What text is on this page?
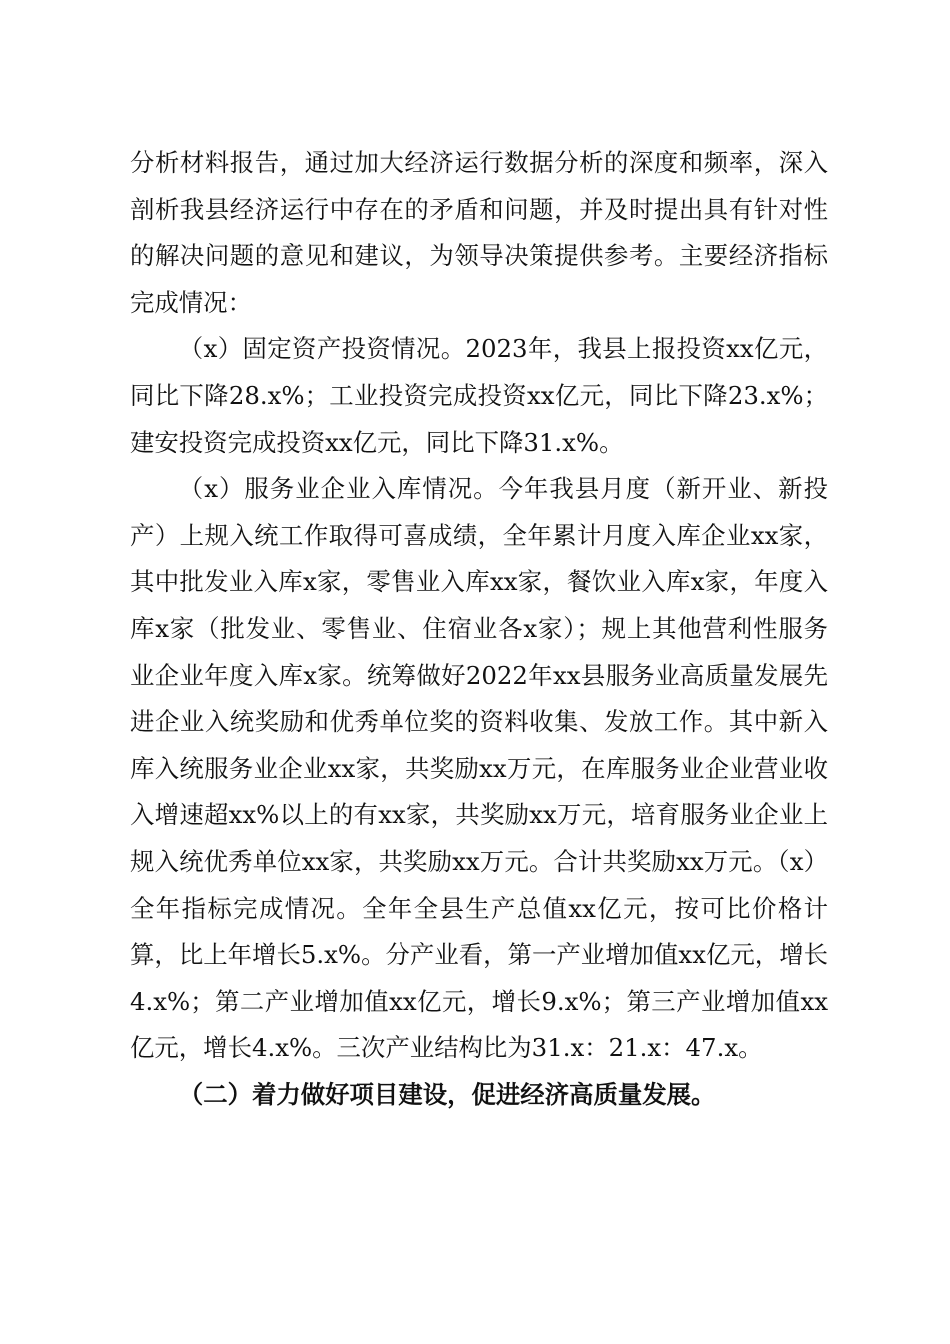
分析材料报告，通过加大经济运行数据分析的深度和频率，深入剖析我县经济运行中存在的矛盾和问题，并及时提出具有针对性的解决问题的意见和建议，为领导决策提供参考。主要经济指标完成情况：

（x）固定资产投资情况。2023年，我县上报投资xx亿元，同比下降28.x%；工业投资完成投资xx亿元，同比下降23.x%；建安投资完成投资xx亿元，同比下降31.x%。

（x）服务业企业入库情况。今年我县月度（新开业、新投产）上规入统工作取得可喜成绩，全年累计月度入库企业xx家，其中批发业入库x家，零售业入库xx家，餐饮业入库x家，年度入库x家（批发业、零售业、住宿业各x家）；规上其他营利性服务业企业年度入库x家。统筹做好2022年xx县服务业高质量发展先进企业入统奖励和优秀单位奖的资料收集、发放工作。其中新入库入统服务业企业xx家，共奖励xx万元，在库服务业企业营业收入增速超xx%以上的有xx家，共奖励xx万元，培育服务业企业上规入统优秀单位xx家，共奖励xx万元。合计共奖励xx万元。（x）全年指标完成情况。全年全县生产总值xx亿元，按可比价格计算，比上年增长5.x%。分产业看，第一产业增加值xx亿元，增长4.x%；第二产业增加值xx亿元，增长9.x%；第三产业增加值xx亿元，增长4.x%。三次产业结构比为31.x：21.x：47.x。

（二）着力做好项目建设，促进经济高质量发展。
